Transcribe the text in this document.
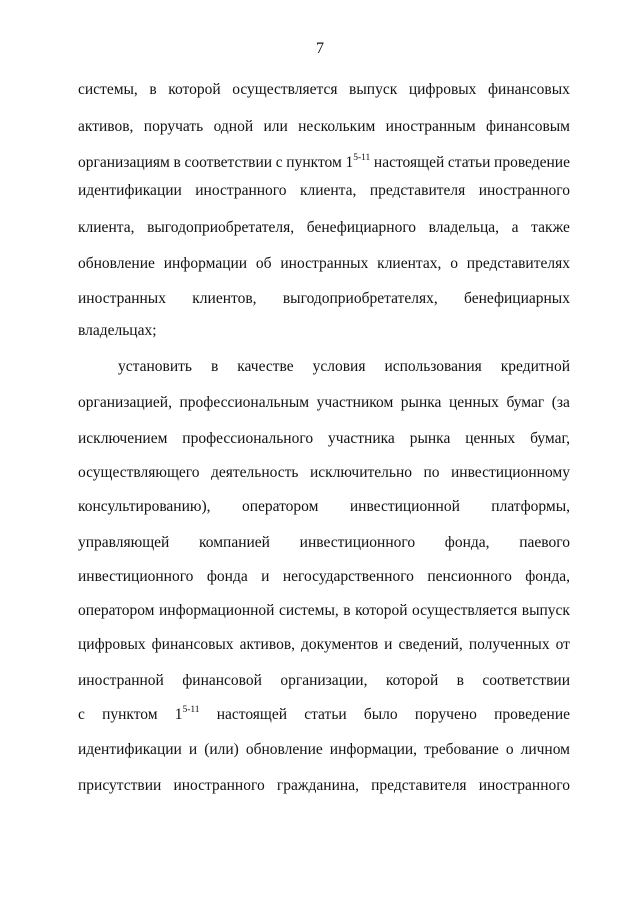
7
системы, в которой осуществляется выпуск цифровых финансовых
активов, поручать одной или нескольким иностранным финансовым
организациям в соответствии с пунктом 1$^{5-11}$ настоящей статьи проведение
идентификации иностранного клиента, представителя иностранного
клиента, выгодоприобретателя, бенефициарного владельца, а также
обновление информации об иностранных клиентах, о представителях
иностранных клиентов, выгодоприобретателях, бенефициарных
владельцах;
установить в качестве условия использования кредитной
организацией, профессиональным участником рынка ценных бумаг (за
исключением профессионального участника рынка ценных бумаг,
осуществляющего деятельность исключительно по инвестиционному
консультированию), оператором инвестиционной платформы,
управляющей компанией инвестиционного фонда, паевого
инвестиционного фонда и негосударственного пенсионного фонда,
оператором информационной системы, в которой осуществляется выпуск
цифровых финансовых активов, документов и сведений, полученных от
иностранной финансовой организации, которой в соответствии
с пунктом 1$^{5-11}$ настоящей статьи было поручено проведение
идентификации и (или) обновление информации, требование о личном
присутствии иностранного гражданина, представителя иностранного
